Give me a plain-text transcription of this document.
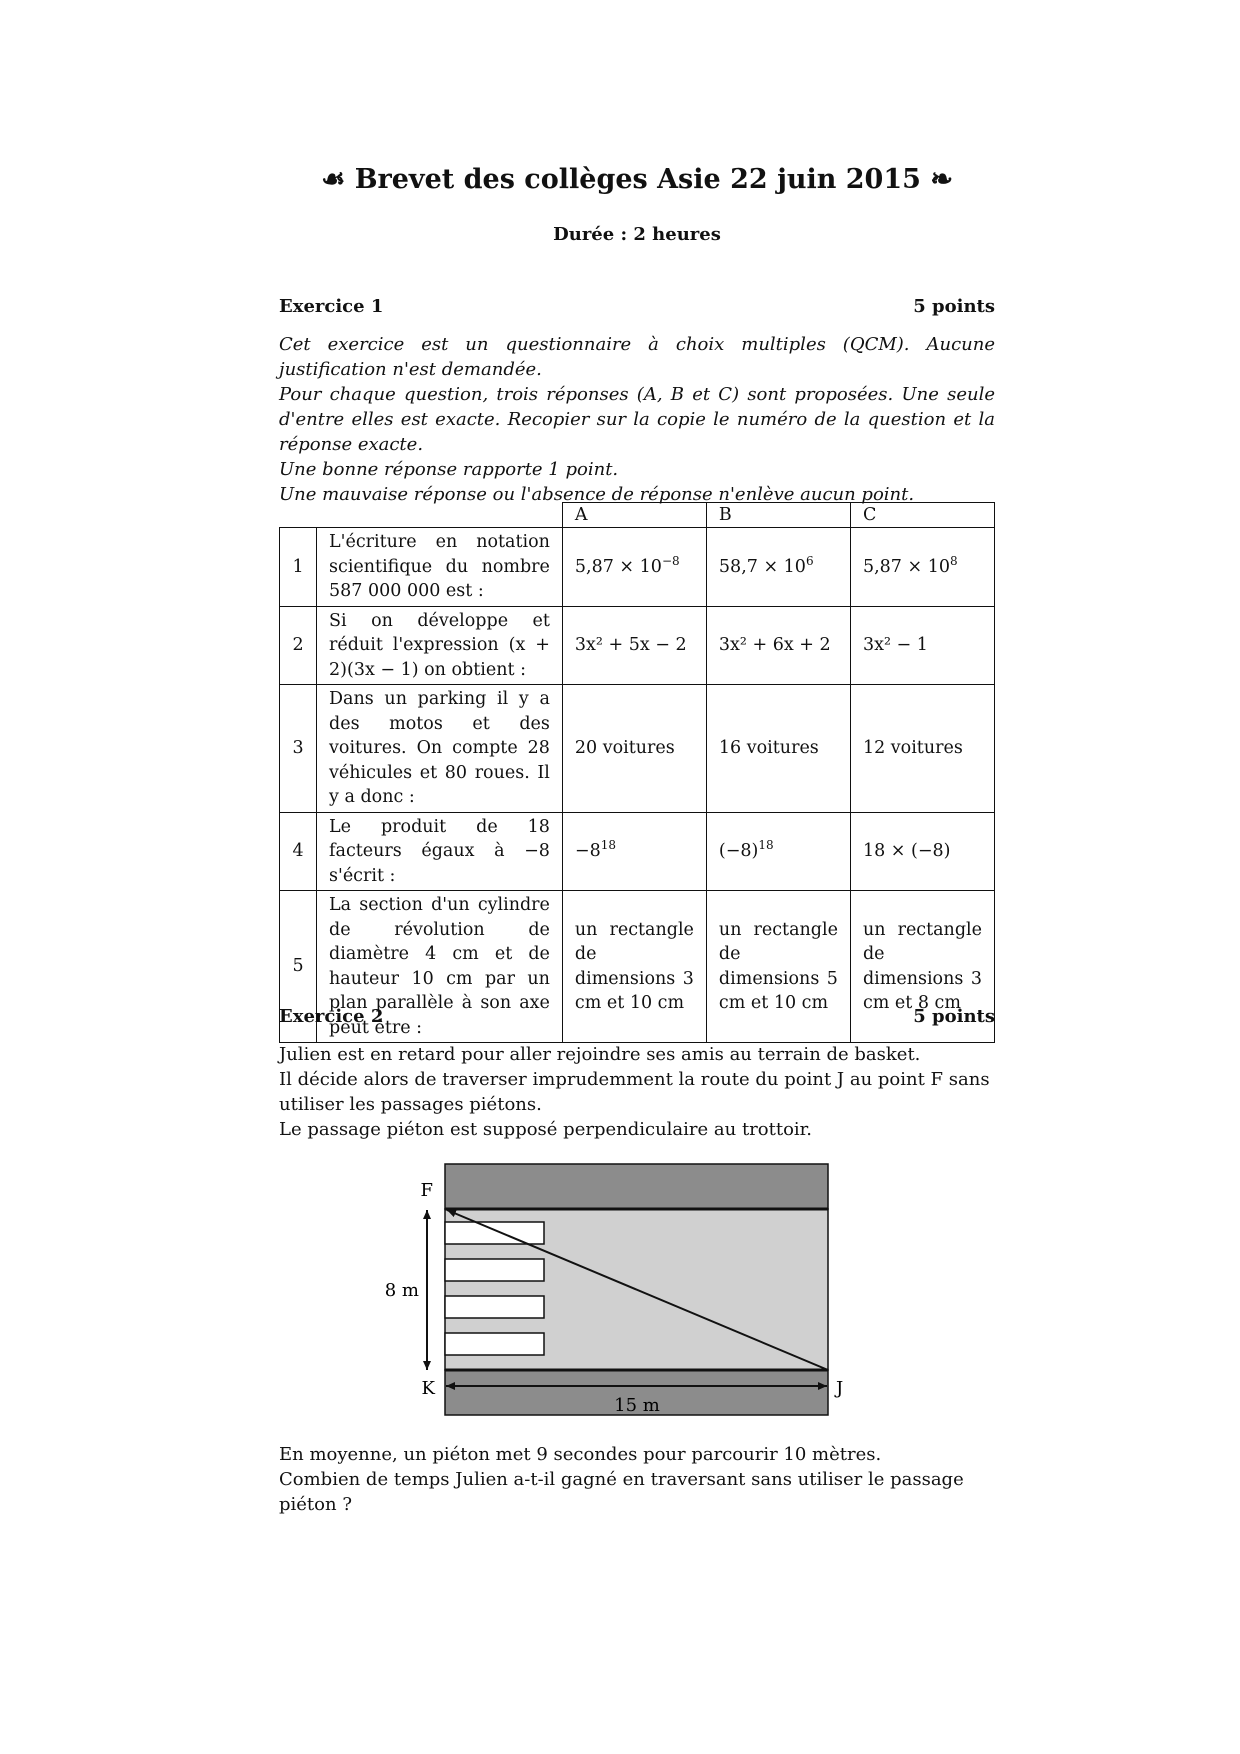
☙ Brevet des collèges Asie 22 juin 2015 ❧
Durée : 2 heures
Exercice 1	5 points

Cet exercice est un questionnaire à choix multiples (QCM). Aucune justification n'est demandée.

Pour chaque question, trois réponses (A, B et C) sont proposées. Une seule d'entre elles est exacte. Recopier sur la copie le numéro de la question et la réponse exacte.

Une bonne réponse rapporte 1 point.

Une mauvaise réponse ou l'absence de réponse n'enlève aucun point.

		A	B	C
1	L'écriture en notation scientifique du nombre 587 000 000 est :	$5,87 \times 10^{-8}$	$58,7 \times 10^6$	$5,87 \times 10^8$
2	Si on développe et réduit l'expression (x + 2)(3x − 1) on obtient :	3x² + 5x − 2	3x² + 6x + 2	3x² − 1
3	Dans un parking il y a des motos et des voitures. On compte 28 véhicules et 80 roues. Il y a donc :	20 voitures	16 voitures	12 voitures
4	Le produit de 18 facteurs égaux à −8 s'écrit :	$-8^{18}$	$(-8)^{18}$	18 × (−8)
5	La section d'un cylindre de révolution de diamètre 4 cm et de hauteur 10 cm par un plan parallèle à son axe peut être :	un rectangle de dimensions 3 cm et 10 cm	un rectangle de dimensions 5 cm et 10 cm	un rectangle de dimensions 3 cm et 8 cm
Exercice 2	5 points

Julien est en retard pour aller rejoindre ses amis au terrain de basket.

Il décide alors de traverser imprudemment la route du point J au point F sans utiliser les passages piétons.

Le passage piéton est supposé perpendiculaire au trottoir.

F
K	J
8 m
15 m

En moyenne, un piéton met 9 secondes pour parcourir 10 mètres.

Combien de temps Julien a-t-il gagné en traversant sans utiliser le passage piéton ?
